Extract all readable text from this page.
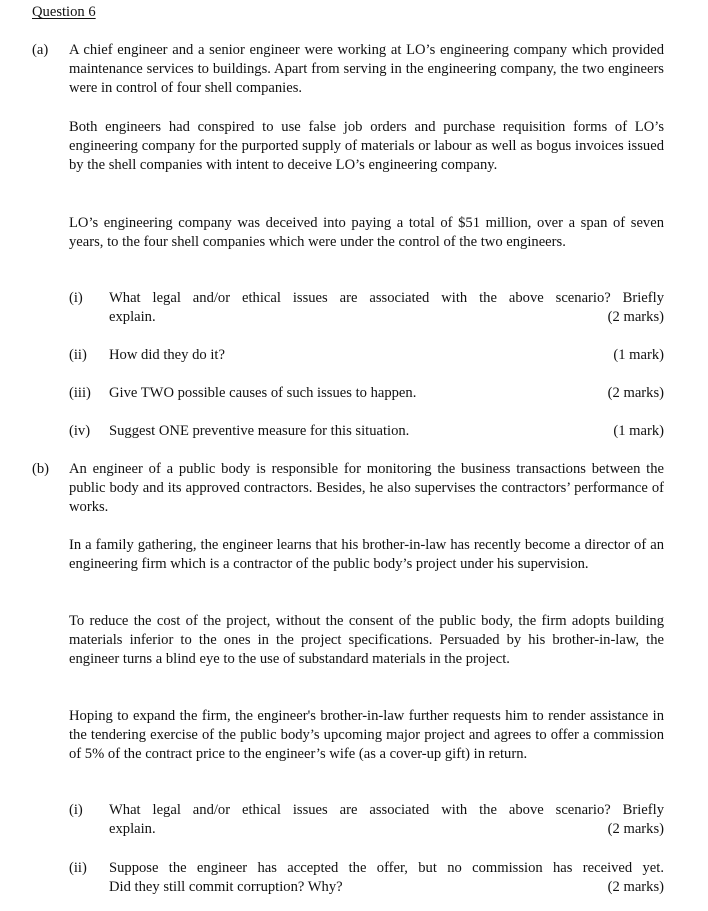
Question 6
(a) A chief engineer and a senior engineer were working at LO’s engineering company which provided maintenance services to buildings. Apart from serving in the engineering company, the two engineers were in control of four shell companies.
Both engineers had conspired to use false job orders and purchase requisition forms of LO’s engineering company for the purported supply of materials or labour as well as bogus invoices issued by the shell companies with intent to deceive LO’s engineering company.
LO’s engineering company was deceived into paying a total of $51 million, over a span of seven years, to the four shell companies which were under the control of the two engineers.
(i) What legal and/or ethical issues are associated with the above scenario? Briefly
explain.	(2 marks)
(ii) How did they do it?	(1 mark)
(iii) Give TWO possible causes of such issues to happen.	(2 marks)
(iv) Suggest ONE preventive measure for this situation.	(1 mark)
(b) An engineer of a public body is responsible for monitoring the business transactions between the public body and its approved contractors. Besides, he also supervises the contractors’ performance of works.
In a family gathering, the engineer learns that his brother-in-law has recently become a director of an engineering firm which is a contractor of the public body’s project under his supervision.
To reduce the cost of the project, without the consent of the public body, the firm adopts building materials inferior to the ones in the project specifications. Persuaded by his brother-in-law, the engineer turns a blind eye to the use of substandard materials in the project.
Hoping to expand the firm, the engineer's brother-in-law further requests him to render assistance in the tendering exercise of the public body’s upcoming major project and agrees to offer a commission of 5% of the contract price to the engineer’s wife (as a cover-up gift) in return.
(i) What legal and/or ethical issues are associated with the above scenario? Briefly
explain.	(2 marks)
(ii) Suppose the engineer has accepted the offer, but no commission has received yet.
Did they still commit corruption? Why?	(2 marks)
